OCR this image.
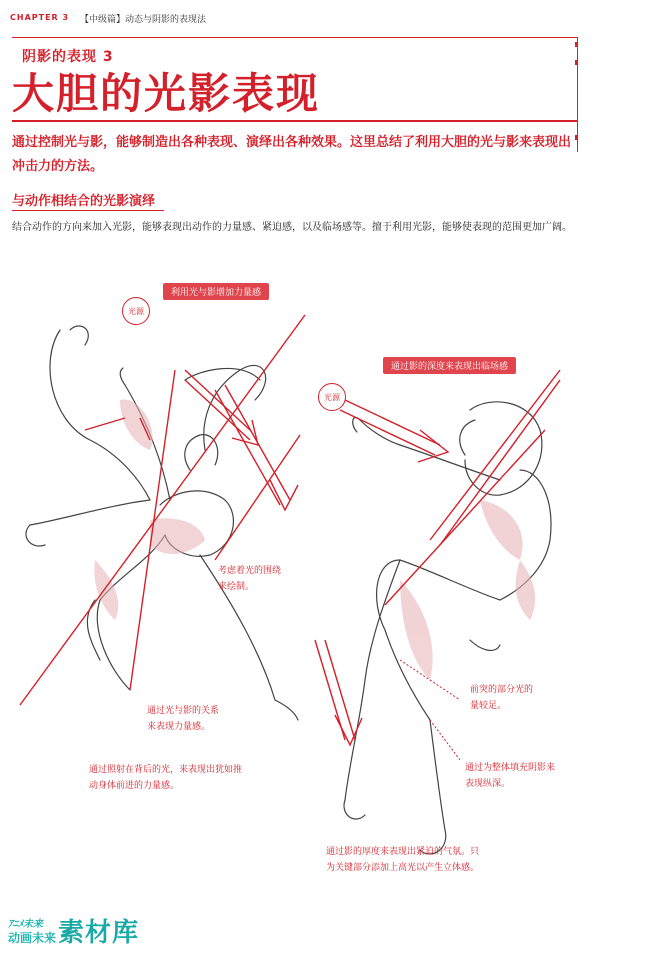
CHAPTER 3 【中级篇】动态与阴影的表现法
阴影的表现 3
大胆的光影表现
通过控制光与影，能够制造出各种表现、演绎出各种效果。这里总结了利用大胆的光与影来表现出冲击力的方法。
与动作相结合的光影演绎
结合动作的方向来加入光影，能够表现出动作的力量感、紧迫感，以及临场感等。擅于利用光影，能够使表现的范围更加广阔。
利用光与影增加力量感
光源
考虑着光的围绕
来绘制。
通过光与影的关系
来表现力量感。
通过照射在背后的光，来表现出犹如推
动身体前进的力量感。
通过影的深度来表现出临场感
光源
前突的部分光的
量较足。
通过为整体填充阴影来
表现纵深。
通过影的厚度来表现出紧迫的气氛。只
为关键部分添加上高光以产生立体感。
ｱﾆﾒ未来
动画未来 素材库
